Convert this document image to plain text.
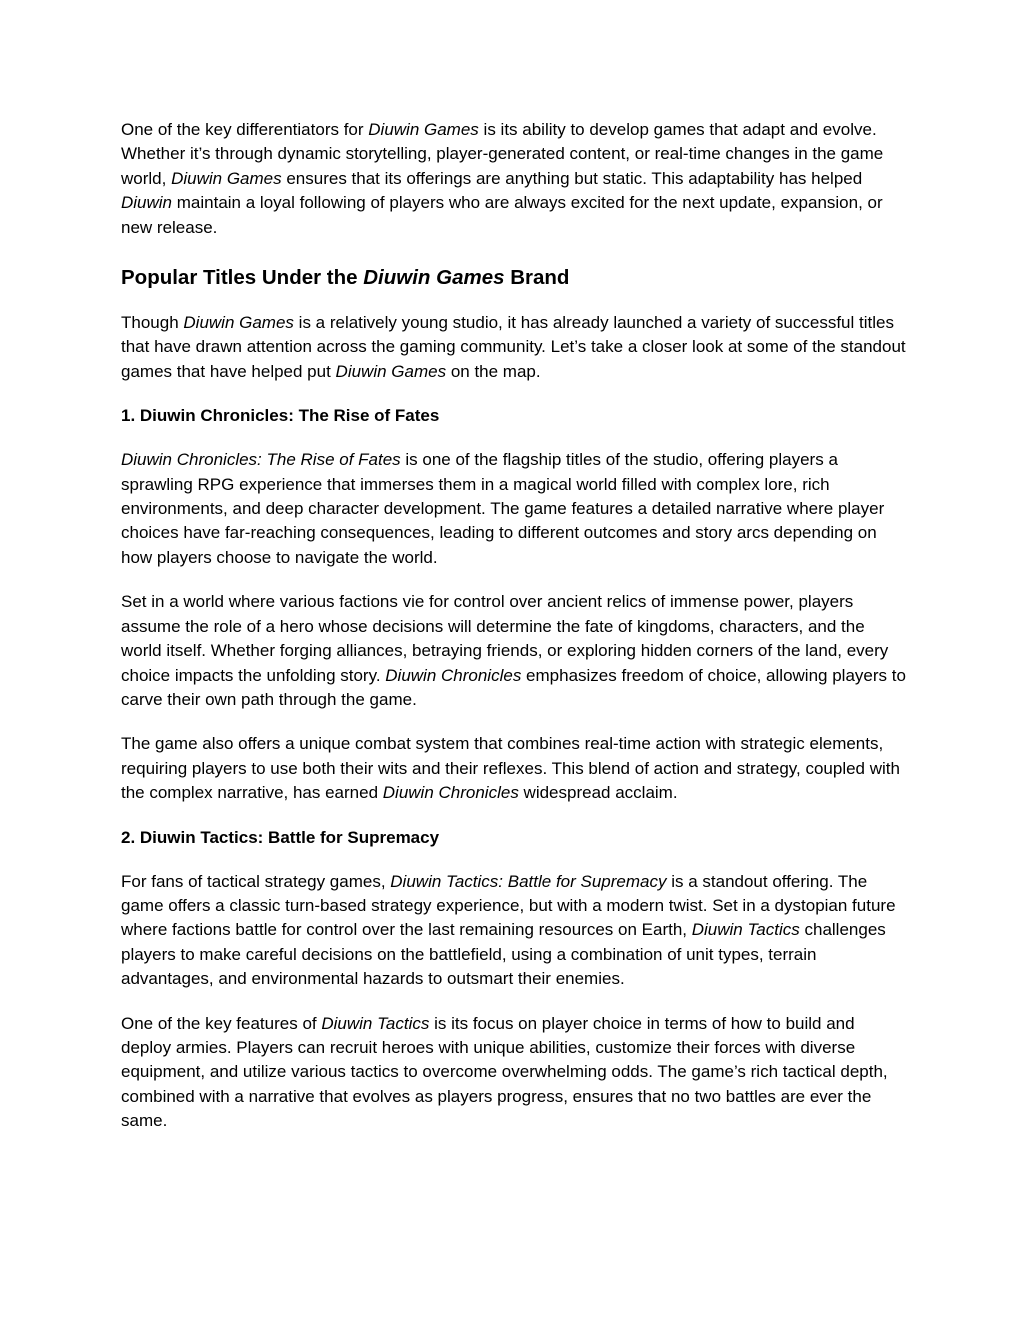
One of the key differentiators for Diuwin Games is its ability to develop games that adapt and evolve. Whether it’s through dynamic storytelling, player-generated content, or real-time changes in the game world, Diuwin Games ensures that its offerings are anything but static. This adaptability has helped Diuwin maintain a loyal following of players who are always excited for the next update, expansion, or new release.

Popular Titles Under the Diuwin Games Brand

Though Diuwin Games is a relatively young studio, it has already launched a variety of successful titles that have drawn attention across the gaming community. Let’s take a closer look at some of the standout games that have helped put Diuwin Games on the map.

1. Diuwin Chronicles: The Rise of Fates

Diuwin Chronicles: The Rise of Fates is one of the flagship titles of the studio, offering players a sprawling RPG experience that immerses them in a magical world filled with complex lore, rich environments, and deep character development. The game features a detailed narrative where player choices have far-reaching consequences, leading to different outcomes and story arcs depending on how players choose to navigate the world.

Set in a world where various factions vie for control over ancient relics of immense power, players assume the role of a hero whose decisions will determine the fate of kingdoms, characters, and the world itself. Whether forging alliances, betraying friends, or exploring hidden corners of the land, every choice impacts the unfolding story. Diuwin Chronicles emphasizes freedom of choice, allowing players to carve their own path through the game.

The game also offers a unique combat system that combines real-time action with strategic elements, requiring players to use both their wits and their reflexes. This blend of action and strategy, coupled with the complex narrative, has earned Diuwin Chronicles widespread acclaim.

2. Diuwin Tactics: Battle for Supremacy

For fans of tactical strategy games, Diuwin Tactics: Battle for Supremacy is a standout offering. The game offers a classic turn-based strategy experience, but with a modern twist. Set in a dystopian future where factions battle for control over the last remaining resources on Earth, Diuwin Tactics challenges players to make careful decisions on the battlefield, using a combination of unit types, terrain advantages, and environmental hazards to outsmart their enemies.

One of the key features of Diuwin Tactics is its focus on player choice in terms of how to build and deploy armies. Players can recruit heroes with unique abilities, customize their forces with diverse equipment, and utilize various tactics to overcome overwhelming odds. The game’s rich tactical depth, combined with a narrative that evolves as players progress, ensures that no two battles are ever the same.
